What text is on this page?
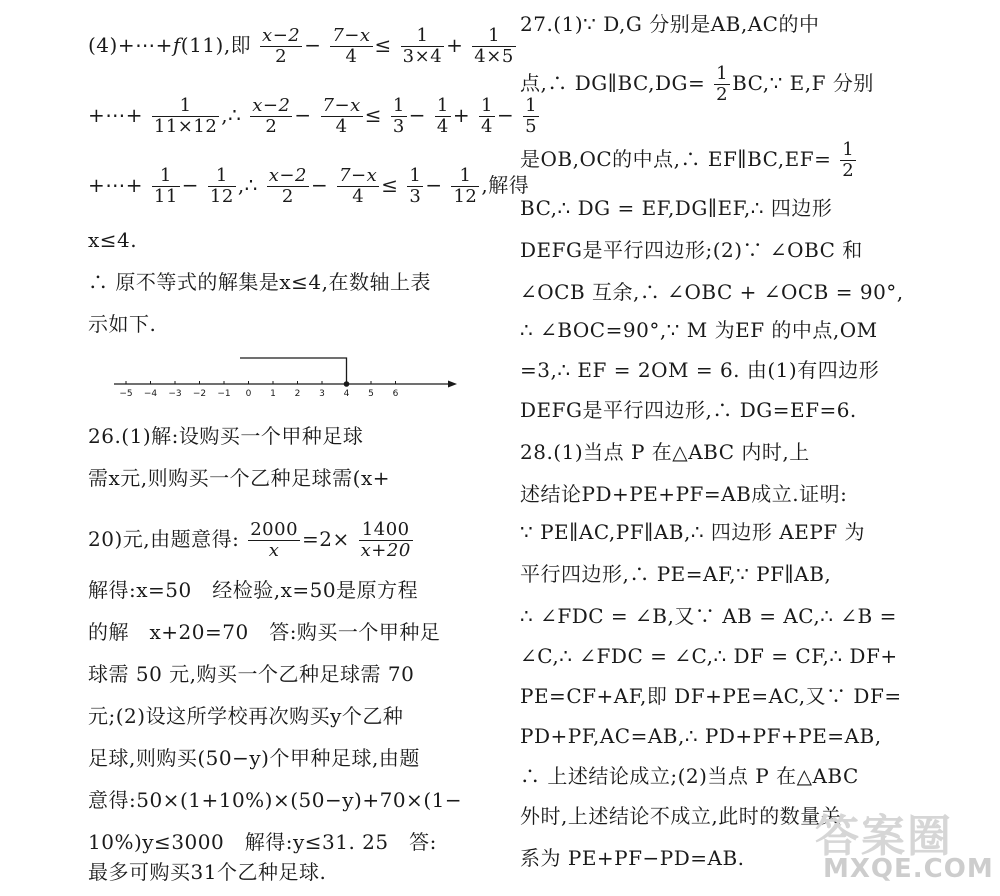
(4)+⋯+f(11),即 $\frac{x-2}{2} - \frac{7-x}{4} \le \frac{1}{3\times 4} + \frac{1}{4\times 5}$
+⋯+ $\frac{1}{11\times 12}$ ,∴ $\frac{x-2}{2} - \frac{7-x}{4} \le \frac{1}{3} - \frac{1}{4} + \frac{1}{4} - \frac{1}{5}$
+⋯+ $\frac{1}{11} - \frac{1}{12}$ ,∴ $\frac{x-2}{2} - \frac{7-x}{4} \le \frac{1}{3} - \frac{1}{12}$ ,解得
x≤4.
∴ 原不等式的解集是x≤4,在数轴上表
示如下.
26.(1)解:设购买一个甲种足球
需x元,则购买一个乙种足球需(x+
20)元,由题意得: $\frac{2000}{x} =2\times \frac{1400}{x+20}$
解得:x=50　经检验,x=50是原方程
的解　x+20=70　答:购买一个甲种足
球需 50 元,购买一个乙种足球需 70
元;(2)设这所学校再次购买y个乙种
足球,则购买(50−y)个甲种足球,由题
意得:50×(1+10%)×(50−y)+70×(1−
10%)y≤3000　解得:y≤31. 25　答:
最多可购买31个乙种足球.
−5 −4 −3 −2 −1 0 1 2 3 4 5 6
27.(1)∵ D,G 分别是AB,AC的中
点,∴ DG∥BC,DG= $\frac{1}{2}$ BC,∵ E,F 分别
是OB,OC的中点,∴ EF∥BC,EF= $\frac{1}{2}$
BC,∴ DG = EF,DG∥EF,∴ 四边形
DEFG是平行四边形;(2)∵ ∠OBC 和
∠OCB 互余,∴ ∠OBC + ∠OCB = 90°,
∴ ∠BOC=90°,∵ M 为EF 的中点,OM
=3,∴ EF = 2OM = 6. 由(1)有四边形
DEFG是平行四边形,∴ DG=EF=6.
28.(1)当点 P 在△ABC 内时,上
述结论PD+PE+PF=AB成立.证明:
∵ PE∥AC,PF∥AB,∴ 四边形 AEPF 为
平行四边形,∴ PE=AF,∵ PF∥AB,
∴ ∠FDC = ∠B,又∵ AB = AC,∴ ∠B =
∠C,∴ ∠FDC = ∠C,∴ DF = CF,∴ DF+
PE=CF+AF,即 DF+PE=AC,又∵ DF=
PD+PF,AC=AB,∴ PD+PF+PE=AB,
∴ 上述结论成立;(2)当点 P 在△ABC
外时,上述结论不成立,此时的数量关
系为 PE+PF−PD=AB. 答案圈
MXQE.COM
